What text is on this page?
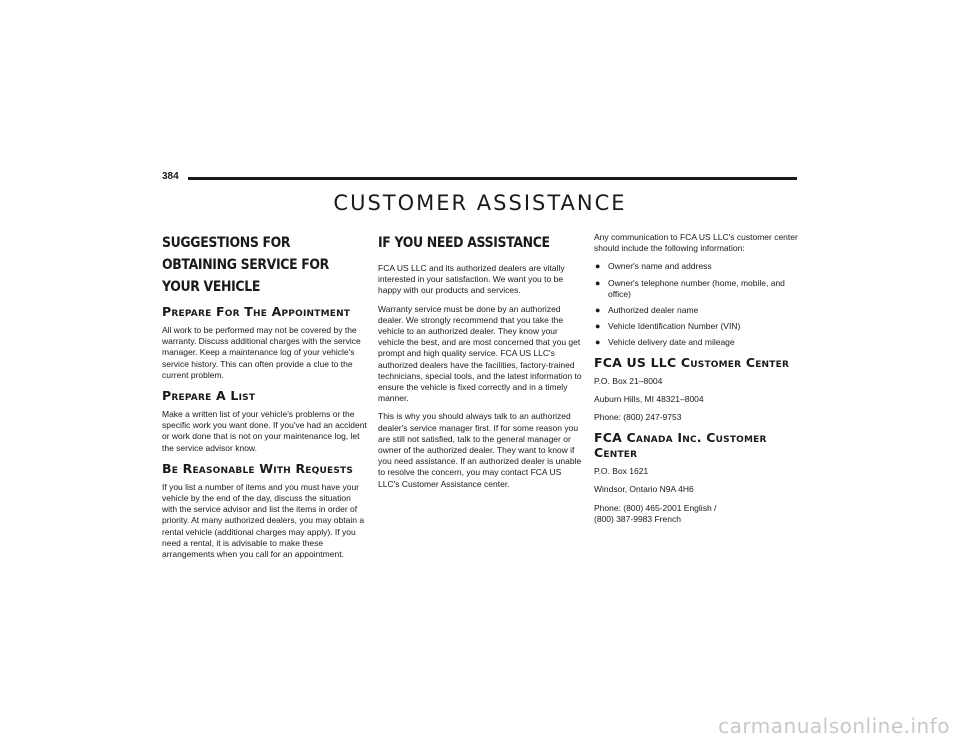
384
CUSTOMER ASSISTANCE
SUGGESTIONS FOR OBTAINING SERVICE FOR YOUR VEHICLE
Prepare For The Appointment

All work to be performed may not be covered by the warranty. Discuss additional charges with the service manager. Keep a maintenance log of your vehicle's service history. This can often provide a clue to the current problem.

Prepare A List

Make a written list of your vehicle's problems or the specific work you want done. If you've had an accident or work done that is not on your maintenance log, let the service advisor know.

Be Reasonable With Requests

If you list a number of items and you must have your vehicle by the end of the day, discuss the situation with the service advisor and list the items in order of priority. At many authorized dealers, you may obtain a rental vehicle (additional charges may apply). If you need a rental, it is advisable to make these arrangements when you call for an appointment.

IF YOU NEED ASSISTANCE

FCA US LLC and its authorized dealers are vitally interested in your satisfaction. We want you to be happy with our products and services.

Warranty service must be done by an authorized dealer. We strongly recommend that you take the vehicle to an authorized dealer. They know your vehicle the best, and are most concerned that you get prompt and high quality service. FCA US LLC's authorized dealers have the facilities, factory-trained technicians, special tools, and the latest information to ensure the vehicle is fixed correctly and in a timely manner.

This is why you should always talk to an authorized dealer's service manager first. If for some reason you are still not satisfied, talk to the general manager or owner of the authorized dealer. They want to know if you need assistance. If an authorized dealer is unable to resolve the concern, you may contact FCA US LLC's Customer Assistance center.

Any communication to FCA US LLC's customer center should include the following information:

● Owner's name and address
● Owner's telephone number (home, mobile, and office)
● Authorized dealer name
● Vehicle Identification Number (VIN)
● Vehicle delivery date and mileage
FCA US LLC Customer Center
P.O. Box 21–8004
Auburn Hills, MI 48321–8004
Phone: (800) 247-9753
FCA Canada Inc. Customer Center
P.O. Box 1621
Windsor, Ontario N9A 4H6
Phone: (800) 465-2001 English /
(800) 387-9983 French
carmanualsonline.info
